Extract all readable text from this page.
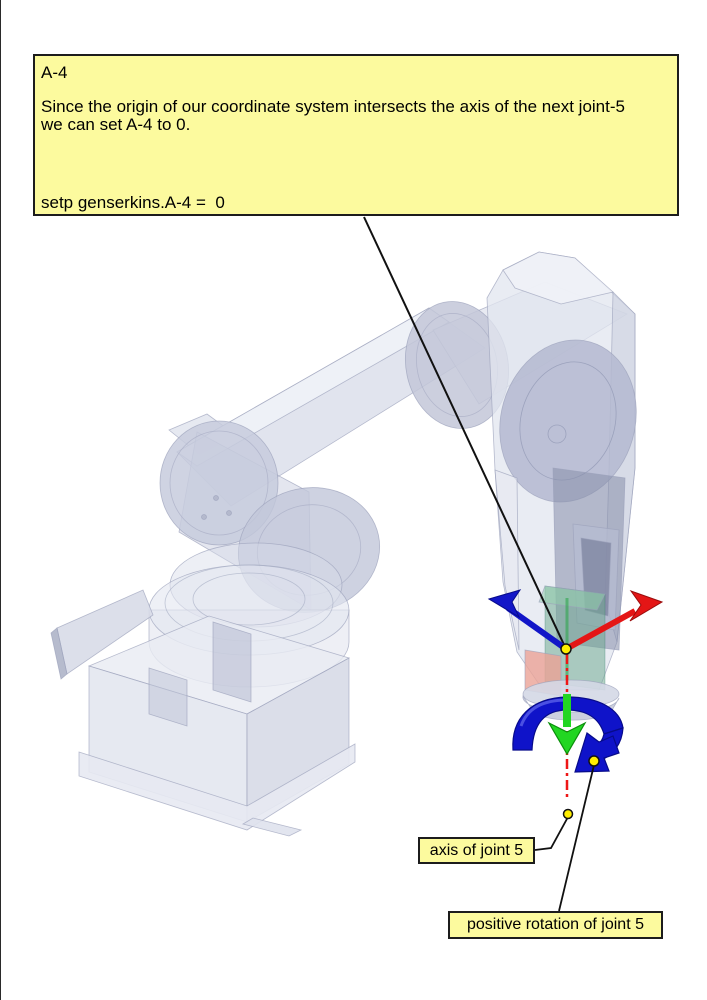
A-4
Since the origin of our coordinate system intersects the axis of the next joint-5
we can set A-4 to 0.
setp genserkins.A-4 =  0
axis of joint 5
positive rotation of joint 5
